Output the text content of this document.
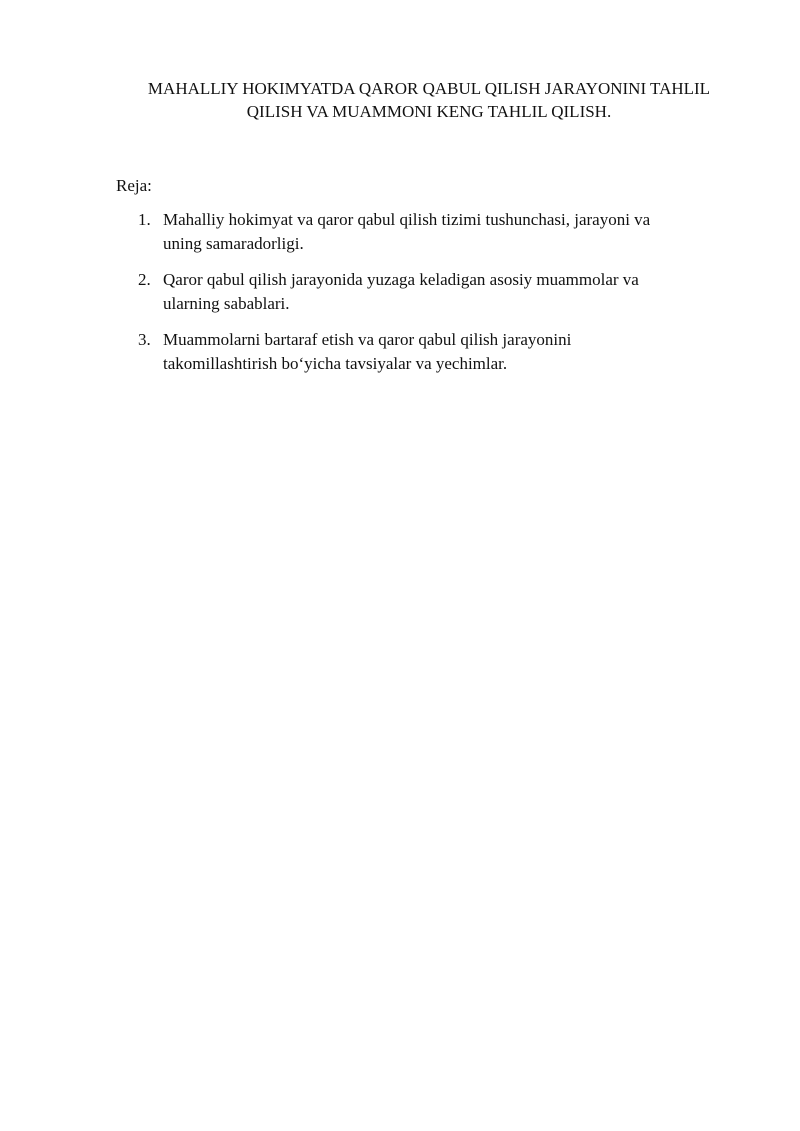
MAHALLIY HOKIMYATDA QAROR QABUL QILISH JARAYONINI TAHLIL
QILISH VA MUAMMONI KENG TAHLIL QILISH.
Reja:
1. Mahalliy hokimyat va qaror qabul qilish tizimi tushunchasi, jarayoni va
uning samaradorligi.
2. Qaror qabul qilish jarayonida yuzaga keladigan asosiy muammolar va
ularning sabablari.
3. Muammolarni bartaraf etish va qaror qabul qilish jarayonini
takomillashtirish bo‘yicha tavsiyalar va yechimlar.
